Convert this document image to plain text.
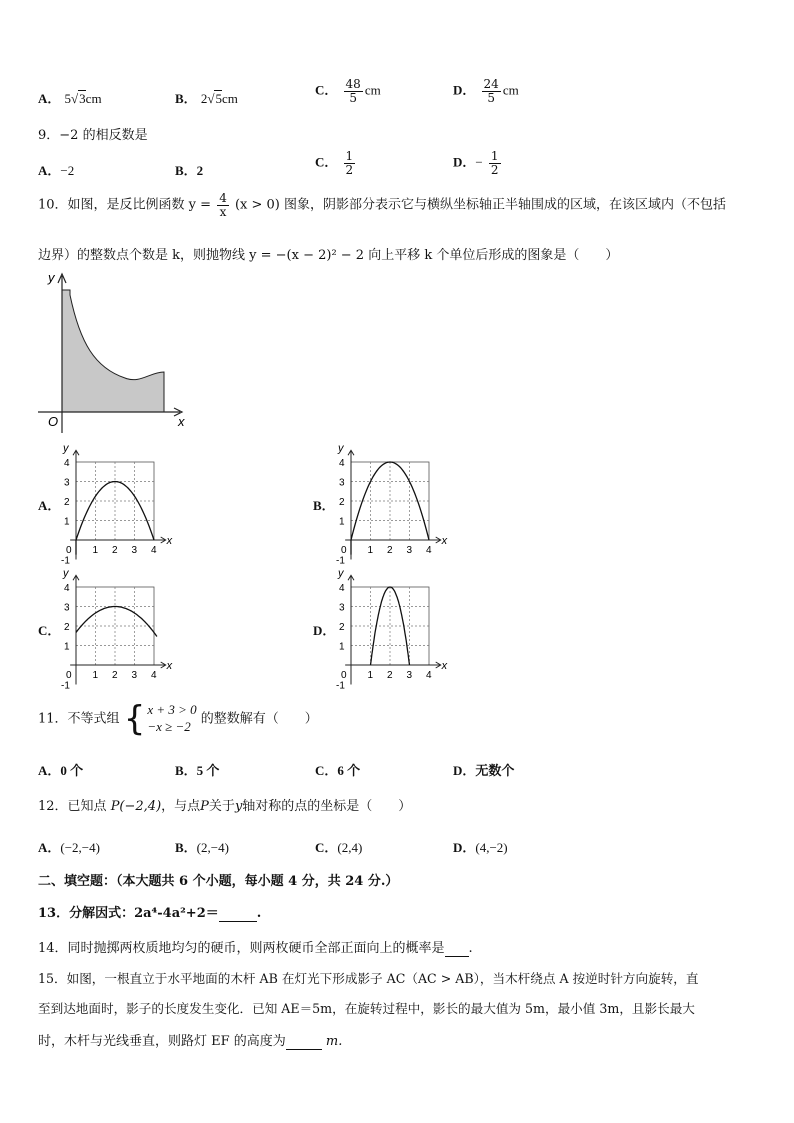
A． 5√3cm	B． 2√5cm
C． $\frac{48}{5}$ cm	D． $\frac{24}{5}$ cm
9．−2 的相反数是
A．−2	B．2
C． $\frac{1}{2}$	D．− $\frac{1}{2}$
10．如图，是反比例函数 $y = \frac{4}{x} (x > 0)$ 图象，阴影部分表示它与横纵坐标轴正半轴围成的区域，在该区域内（不包括
边界）的整数点个数是 k，则抛物线 y = −(x − 2)² − 2 向上平移 k 个单位后形成的图象是（　　）
y
x
O
A．	B．
C．	D．
0 1 2 3 4
4
3
2
1
-1
x
y
0 1 2 3 4
4
3
2
1
-1
x
y
0 1 2 3 4
4
3
2
1
-1
x
y
0 1 2 3 4
4
3
2
1
-1
x
y
11．不等式组 { x + 3 > 0
−x ≥ −2 的整数解有（　　）
A．0 个	B．5 个	C．6 个	D．无数个
12．已知点 P(−2,4)，与点P关于y轴对称的点的坐标是（　　）
A．(−2,−4)	B．(2,−4)	C．(2,4)	D．(4,−2)
二、填空题：（本大题共 6 个小题，每小题 4 分，共 24 分.）
13．分解因式：2a⁴-4a²+2＝	.
14．同时抛掷两枚质地均匀的硬币，则两枚硬币全部正面向上的概率是 .
15．如图，一根直立于水平地面的木杆 AB 在灯光下形成影子 AC（AC > AB），当木杆绕点 A 按逆时针方向旋转，直
至到达地面时，影子的长度发生变化．已知 AE＝5m，在旋转过程中，影长的最大值为 5m，最小值 3m，且影长最大
时，木杆与光线垂直，则路灯 EF 的高度为	m.
